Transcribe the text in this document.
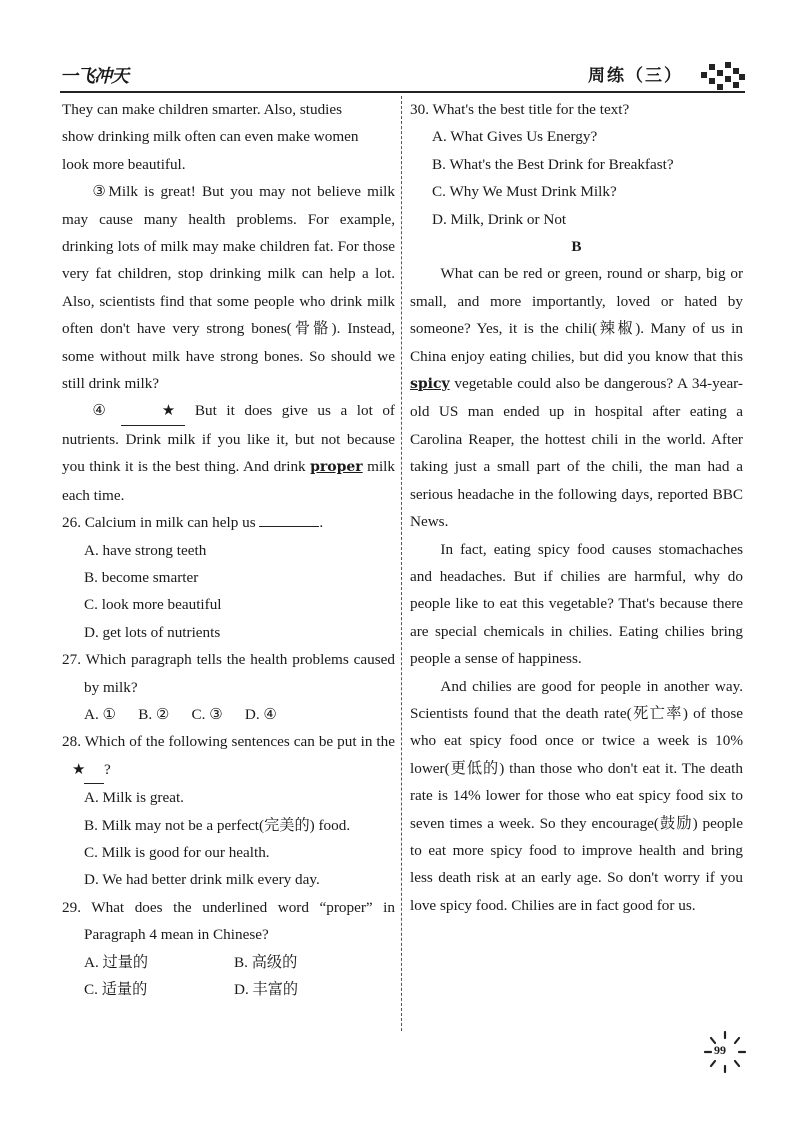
一飞冲天	周练（三）

They can make children smarter. Also, studies

show drinking milk often can even make women

look more beautiful.

③Milk is great! But you may not believe milk may cause many health problems. For example, drinking lots of milk may make children fat. For those very fat children, stop drinking milk can help a lot. Also, scientists find that some people who drink milk often don't have very strong bones(骨骼). Instead, some without milk have strong bones. So should we still drink milk?

④	★ But it does give us a lot of nutrients. Drink milk if you like it, but not because you think it is the best thing. And drink proper milk each time.

26. Calcium in milk can help us	.

A. have strong teeth

B. become smarter

C. look more beautiful

D. get lots of nutrients

27. Which paragraph tells the health problems caused by milk?

A. ① B. ② C. ③ D. ④

28. Which of the following sentences can be put in the ★ ?

A. Milk is great.

B. Milk may not be a perfect(完美的) food.

C. Milk is good for our health.

D. We had better drink milk every day.

29. What does the underlined word “proper” in Paragraph 4 mean in Chinese?

A. 过量的	B. 高级的
C. 适量的	D. 丰富的

30. What's the best title for the text?

A. What Gives Us Energy?

B. What's the Best Drink for Breakfast?

C. Why We Must Drink Milk?

D. Milk, Drink or Not

B

What can be red or green, round or sharp, big or small, and more importantly, loved or hated by someone? Yes, it is the chili(辣椒). Many of us in China enjoy eating chilies, but did you know that this spicy vegetable could also be dangerous? A 34-year-old US man ended up in hospital after eating a Carolina Reaper, the hottest chili in the world. After taking just a small part of the chili, the man had a serious headache in the following days, reported BBC News.

In fact, eating spicy food causes stomachaches and headaches. But if chilies are harmful, why do people like to eat this vegetable? That's because there are special chemicals in chilies. Eating chilies bring people a sense of happiness.

And chilies are good for people in another way. Scientists found that the death rate(死亡率) of those who eat spicy food once or twice a week is 10% lower(更低的) than those who don't eat it. The death rate is 14% lower for those who eat spicy food six to seven times a week. So they encourage(鼓励) people to eat more spicy food to improve health and bring less death risk at an early age. So don't worry if you love spicy food. Chilies are in fact good for us.

99
